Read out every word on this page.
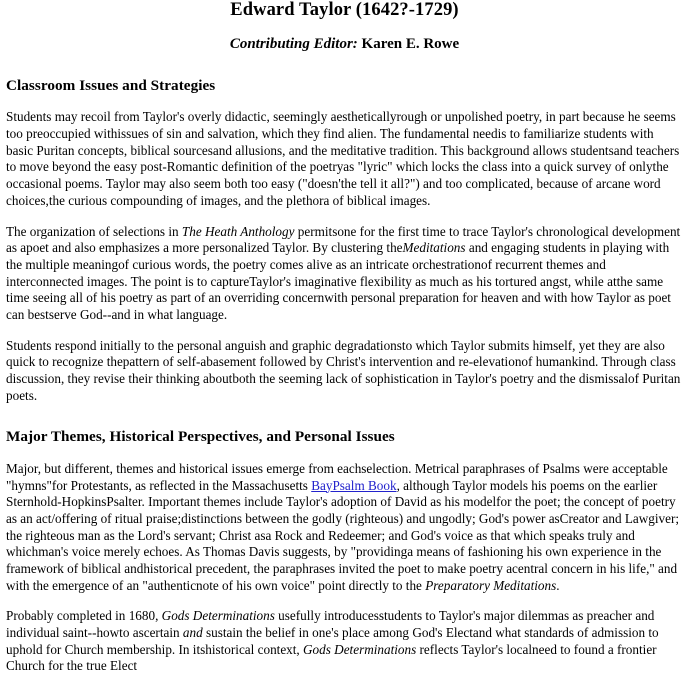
Edward Taylor (1642?-1729)
Contributing Editor: Karen E. Rowe
Classroom Issues and Strategies

Students may recoil from Taylor's overly didactic, seemingly aestheticallyrough or unpolished poetry, in part because he seems too preoccupied withissues of sin and salvation, which they find alien. The fundamental needis to familiarize students with basic Puritan concepts, biblical sourcesand allusions, and the meditative tradition. This background allows studentsand teachers to move beyond the easy post-Romantic definition of the poetryas "lyric" which locks the class into a quick survey of onlythe occasional poems. Taylor may also seem both too easy ("doesn'the tell it all?") and too complicated, because of arcane word choices,the curious compounding of images, and the plethora of biblical images.

The organization of selections in The Heath Anthology permitsone for the first time to trace Taylor's chronological development as apoet and also emphasizes a more personalized Taylor. By clustering theMeditations and engaging students in playing with the multiple meaningof curious words, the poetry comes alive as an intricate orchestrationof recurrent themes and interconnected images. The point is to captureTaylor's imaginative flexibility as much as his tortured angst, while atthe same time seeing all of his poetry as part of an overriding concernwith personal preparation for heaven and with how Taylor as poet can bestserve God--and in what language.

Students respond initially to the personal anguish and graphic degradationsto which Taylor submits himself, yet they are also quick to recognize thepattern of self-abasement followed by Christ's intervention and re-elevationof humankind. Through class discussion, they revise their thinking aboutboth the seeming lack of sophistication in Taylor's poetry and the dismissalof Puritan poets.

Major Themes, Historical Perspectives, and Personal Issues

Major, but different, themes and historical issues emerge from eachselection. Metrical paraphrases of Psalms were acceptable "hymns"for Protestants, as reflected in the Massachusetts BayPsalm Book, although Taylor models his poems on the earlier Sternhold-HopkinsPsalter. Important themes include Taylor's adoption of David as his modelfor the poet; the concept of poetry as an act/offering of ritual praise;distinctions between the godly (righteous) and ungodly; God's power asCreator and Lawgiver; the righteous man as the Lord's servant; Christ asa Rock and Redeemer; and God's voice as that which speaks truly and whichman's voice merely echoes. As Thomas Davis suggests, by "providinga means of fashioning his own experience in the framework of biblical andhistorical precedent, the paraphrases invited the poet to make poetry acentral concern in his life," and with the emergence of an "authenticnote of his own voice" point directly to the Preparatory Meditations.

Probably completed in 1680, Gods Determinations usefully introducesstudents to Taylor's major dilemmas as preacher and individual saint--howto ascertain and sustain the belief in one's place among God's Electand what standards of admission to uphold for Church membership. In itshistorical context, Gods Determinations reflects Taylor's localneed to found a frontier Church for the true Elect
